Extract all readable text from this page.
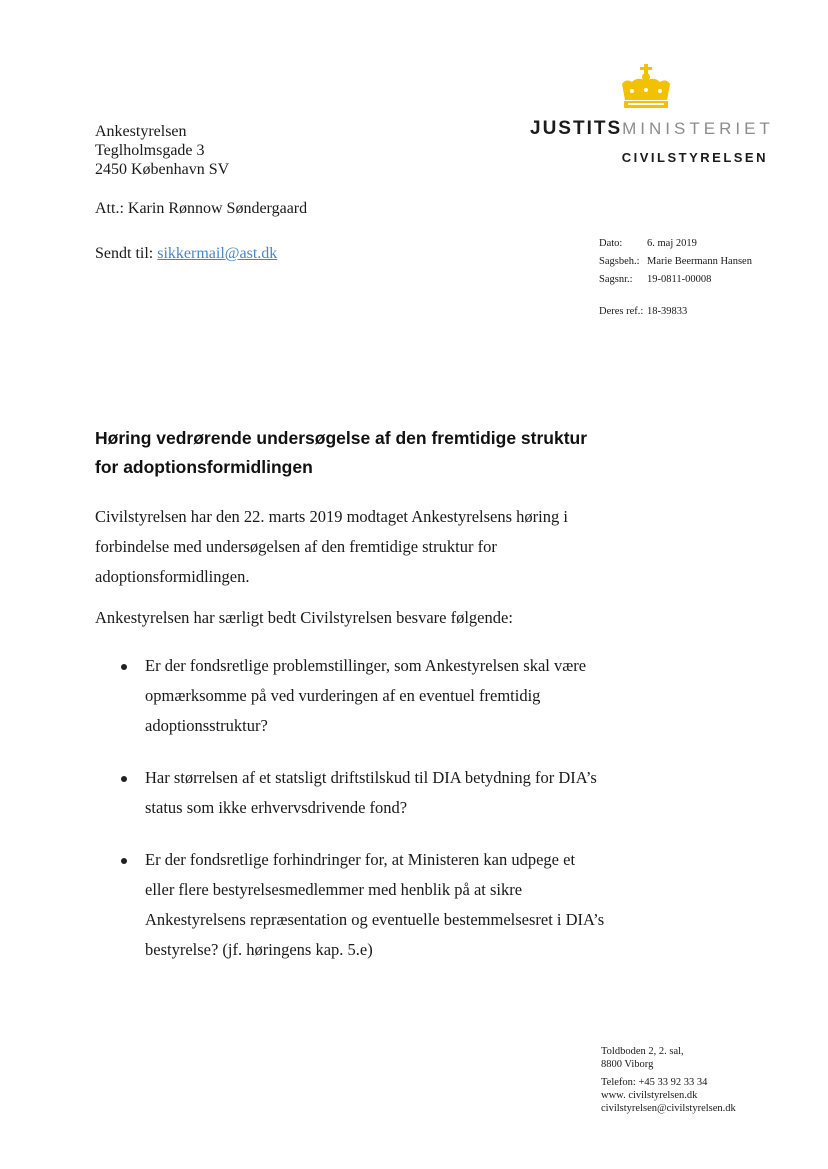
JUSTITSMINISTERIET
CIVILSTYRELSEN
Ankestyrelsen
Teglholmsgade 3
2450 København SV
Att.: Karin Rønnow Søndergaard
Sendt til: sikkermail@ast.dk
Dato: 6. maj 2019
Sagsbeh.: Marie Beermann Hansen
Sagsnr.: 19-0811-00008
Deres ref.: 18-39833
Høring vedrørende undersøgelse af den fremtidige struktur
for adoptionsformidlingen
Civilstyrelsen har den 22. marts 2019 modtaget Ankestyrelsens høring i forbindelse med undersøgelsen af den fremtidige struktur for adoptionsformidlingen.
Ankestyrelsen har særligt bedt Civilstyrelsen besvare følgende:
Er der fondsretlige problemstillinger, som Ankestyrelsen skal være opmærksomme på ved vurderingen af en eventuel fremtidig adoptionsstruktur?
Har størrelsen af et statsligt driftstilskud til DIA betydning for DIA’s status som ikke erhvervsdrivende fond?
Er der fondsretlige forhindringer for, at Ministeren kan udpege et eller flere bestyrelsesmedlemmer med henblik på at sikre Ankestyrelsens repræsentation og eventuelle bestemmelsesret i DIA’s bestyrelse? (jf. høringens kap. 5.e)
Toldboden 2, 2. sal,
8800 Viborg
Telefon: +45 33 92 33 34
www. civilstyrelsen.dk
civilstyrelsen@civilstyrelsen.dk
